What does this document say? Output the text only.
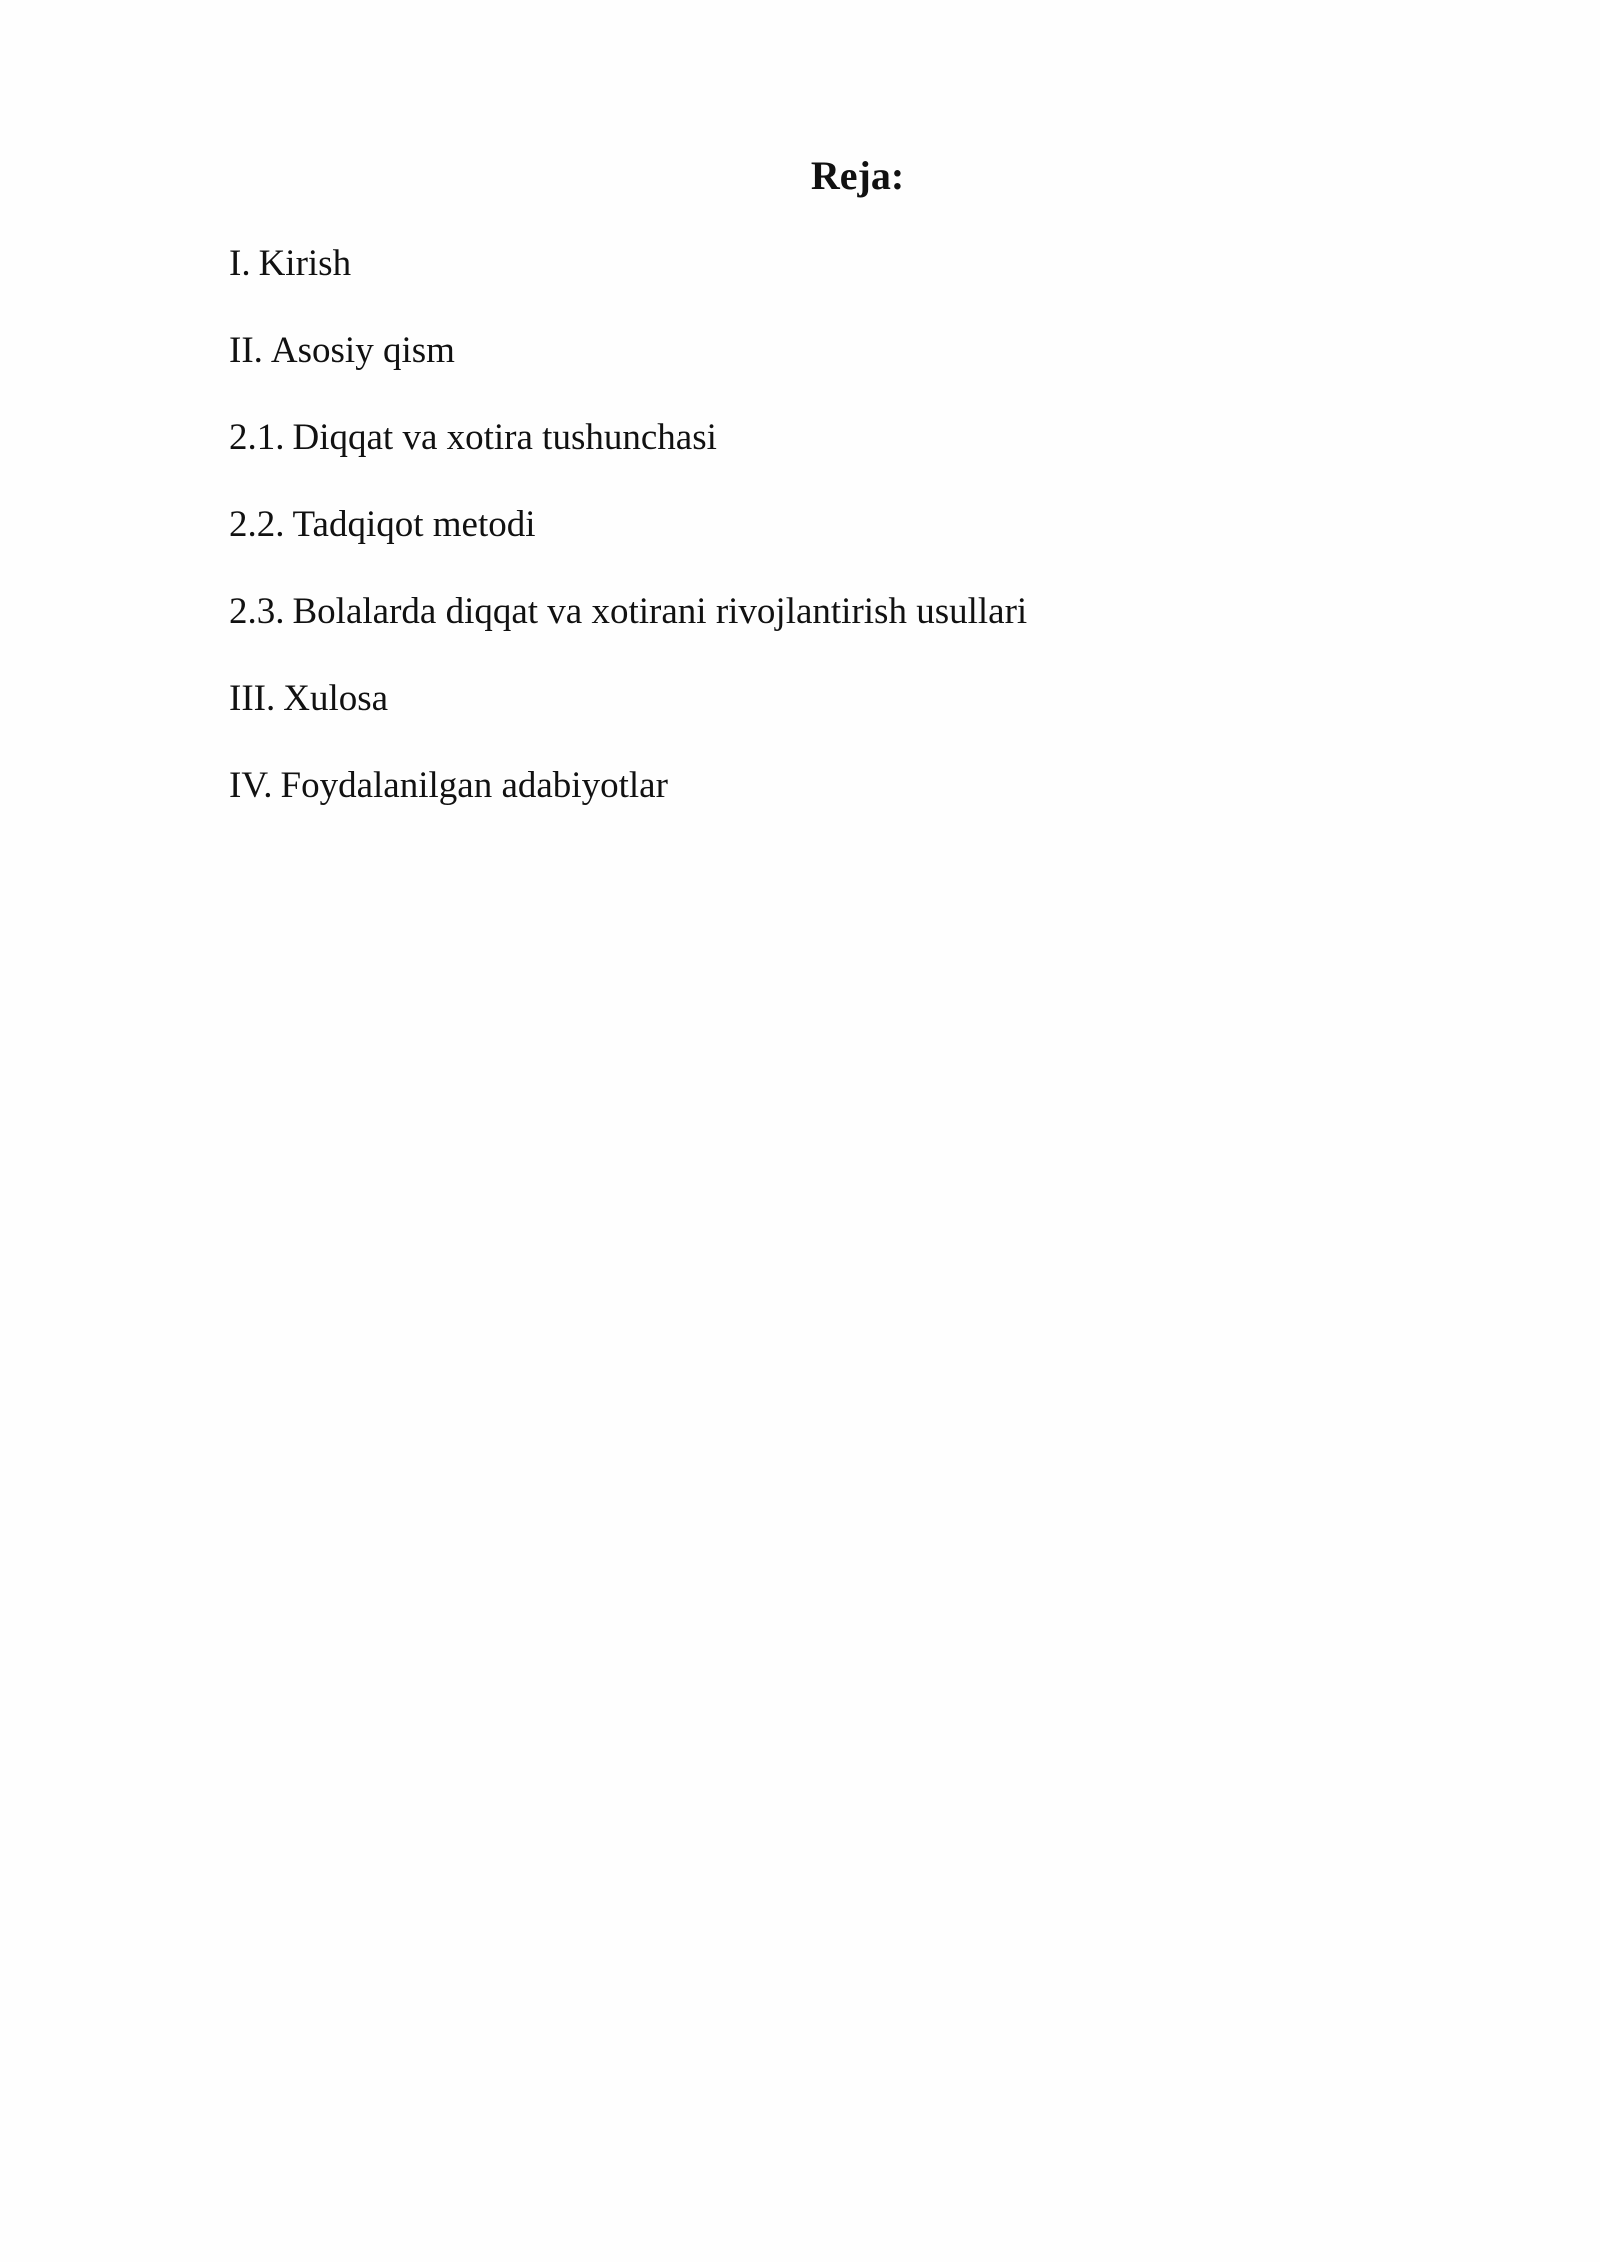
Reja:
I. Kirish
II. Asosiy qism
2.1. Diqqat va xotira tushunchasi
2.2. Tadqiqot metodi
2.3. Bolalarda diqqat va xotirani rivojlantirish usullari
III. Xulosa
IV. Foydalanilgan adabiyotlar
